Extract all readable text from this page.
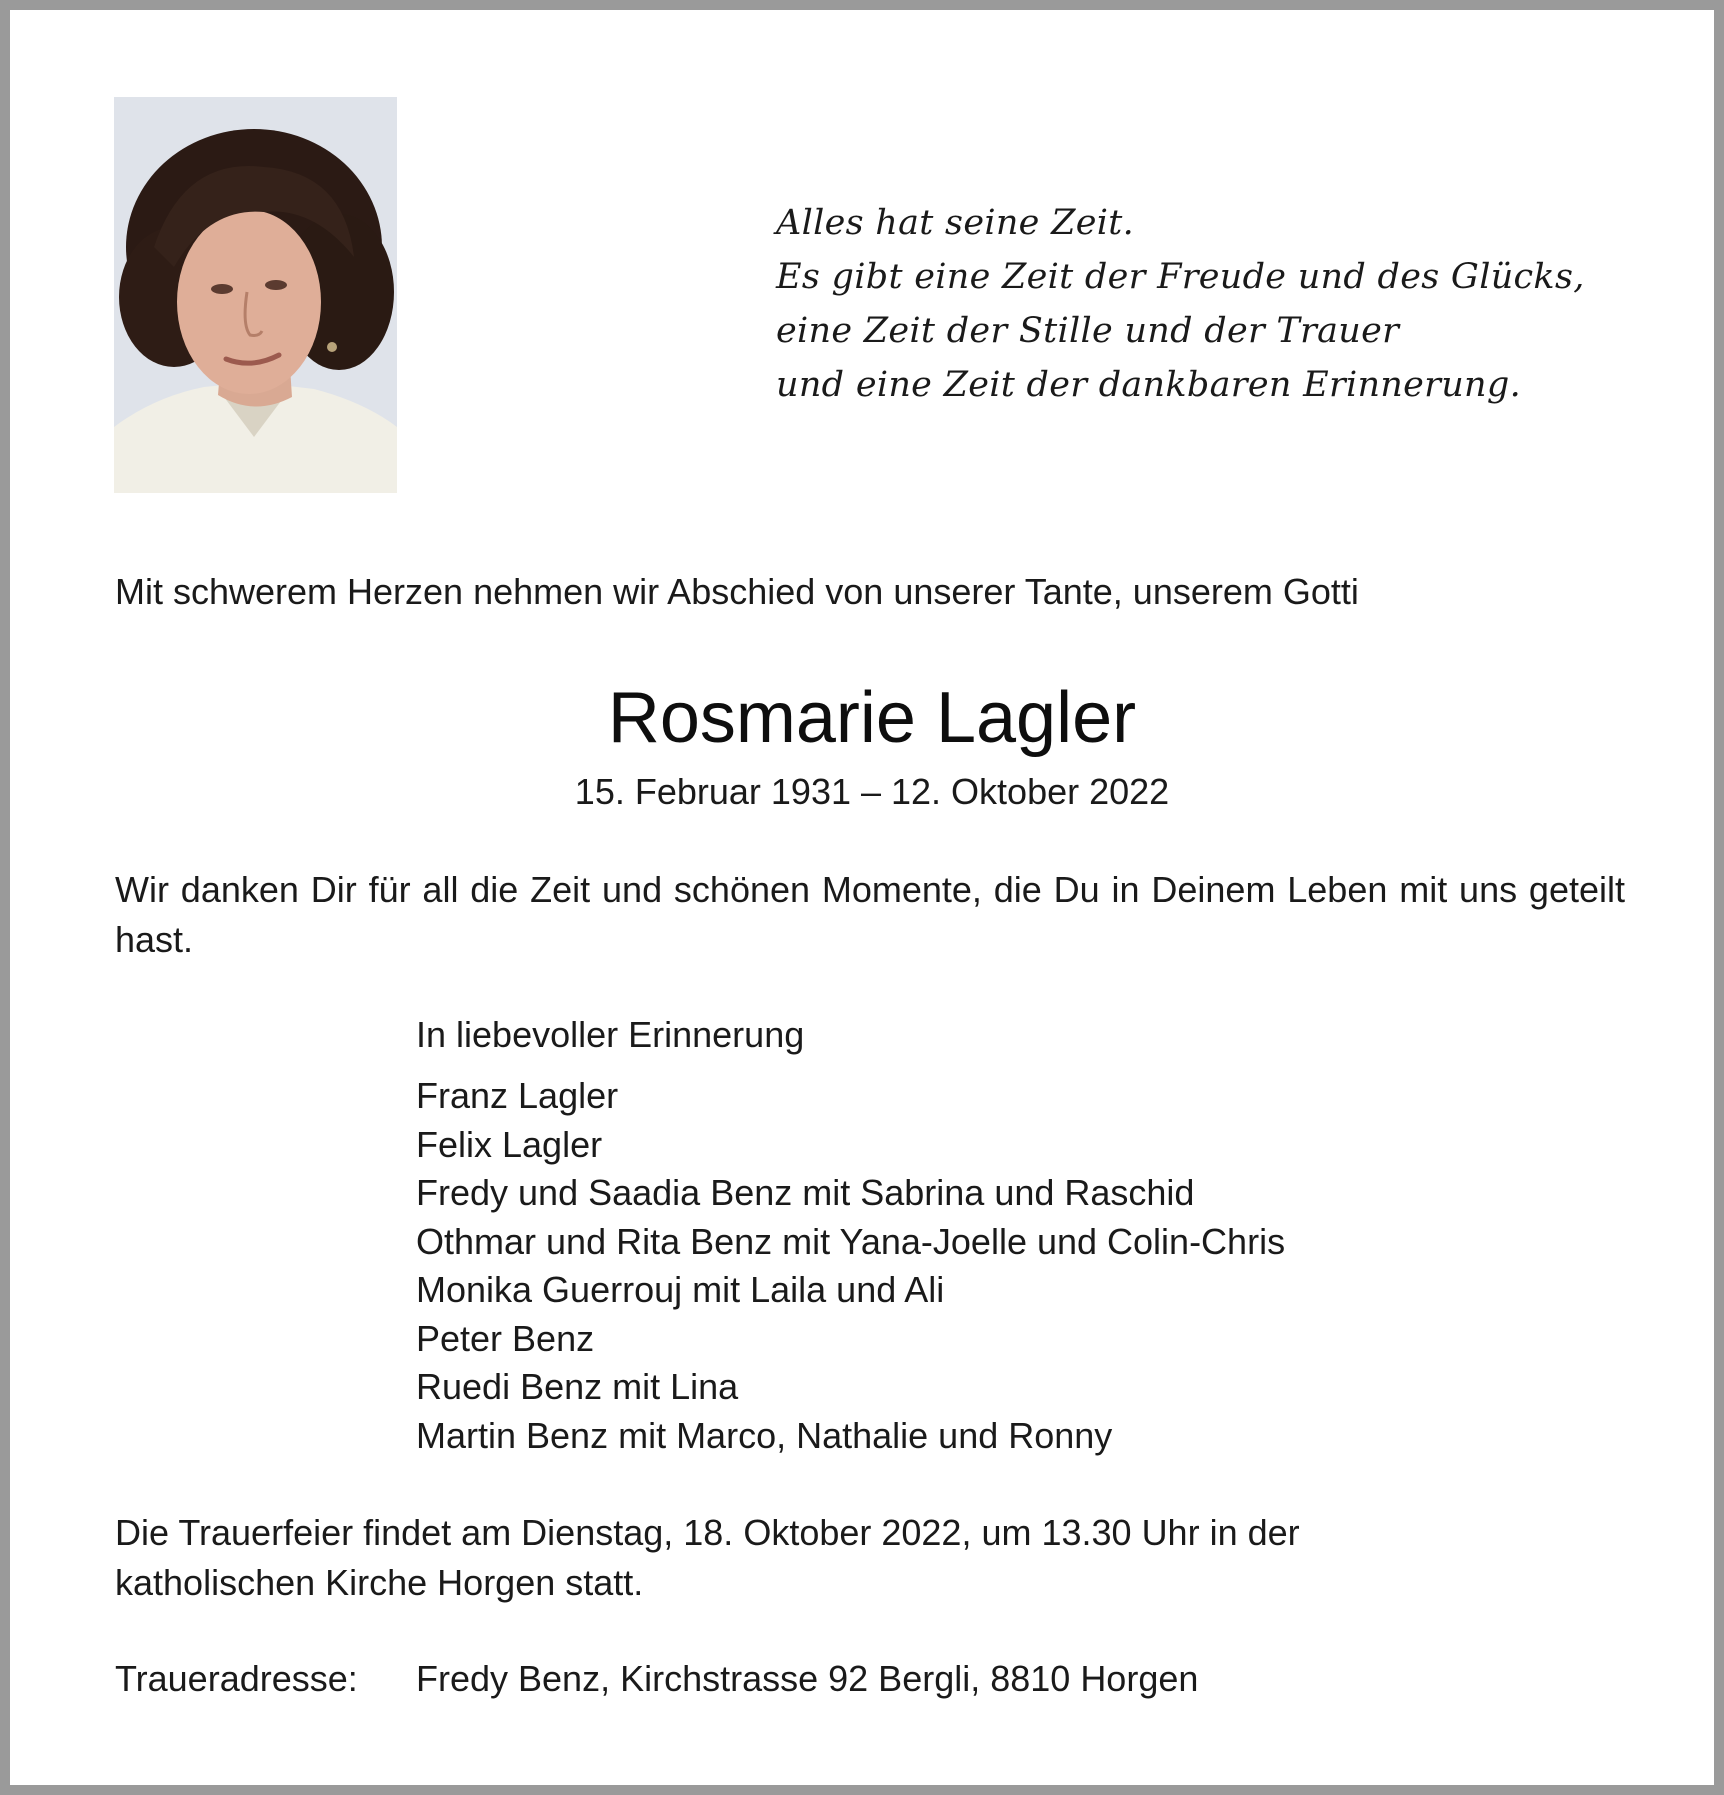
Alles hat seine Zeit.
Es gibt eine Zeit der Freude und des Glücks,
eine Zeit der Stille und der Trauer
und eine Zeit der dankbaren Erinnerung.
Mit schwerem Herzen nehmen wir Abschied von unserer Tante, unserem Gotti
Rosmarie Lagler
15. Februar 1931 – 12. Oktober 2022
Wir danken Dir für all die Zeit und schönen Momente, die Du in Deinem Leben mit uns geteilt hast.
In liebevoller Erinnerung
Franz Lagler
Felix Lagler
Fredy und Saadia Benz mit Sabrina und Raschid
Othmar und Rita Benz mit Yana-Joelle und Colin-Chris
Monika Guerrouj mit Laila und Ali
Peter Benz
Ruedi Benz mit Lina
Martin Benz mit Marco, Nathalie und Ronny
Die Trauerfeier findet am Dienstag, 18. Oktober 2022, um 13.30 Uhr in der
katholischen Kirche Horgen statt.
Traueradresse: Fredy Benz, Kirchstrasse 92 Bergli, 8810 Horgen
